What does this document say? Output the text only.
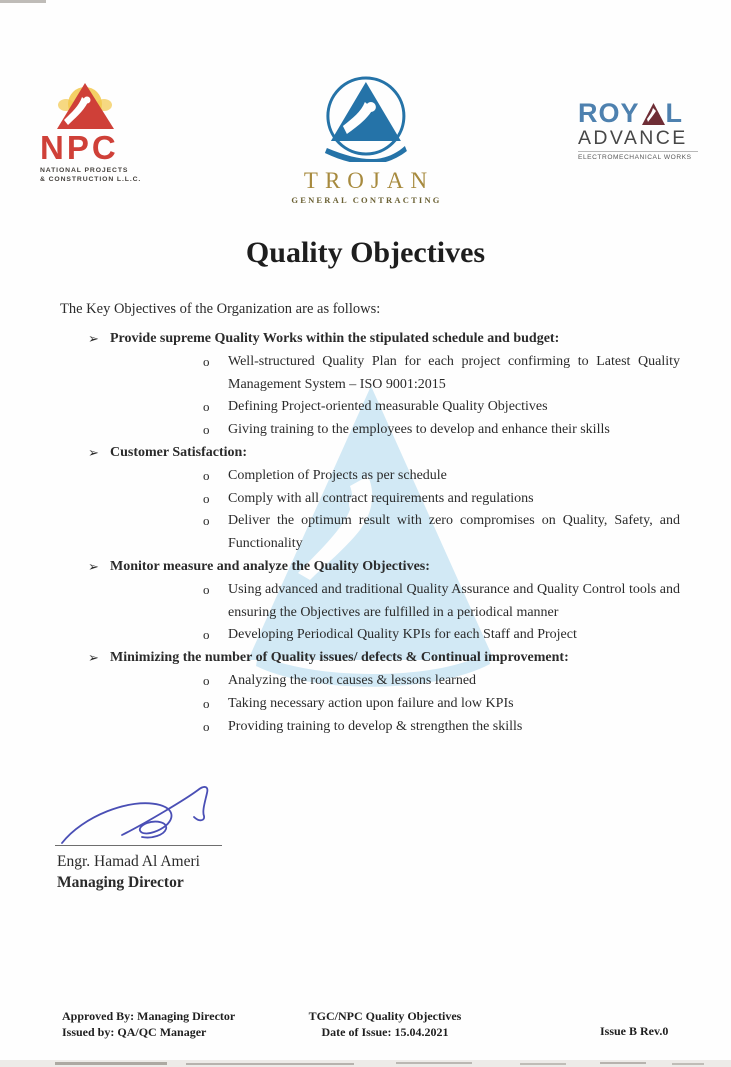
NPC
NATIONAL PROJECTS
& CONSTRUCTION L.L.C.	TROJAN
GENERAL CONTRACTING
ROY L
ADVANCE
ELECTROMECHANICAL WORKS
Quality Objectives

The Key Objectives of the Organization are as follows:

➢ Provide supreme Quality Works within the stipulated schedule and budget:
o	Well-structured Quality Plan for each project confirming to Latest Quality Management System – ISO 9001:2015
o	Defining Project-oriented measurable Quality Objectives
o	Giving training to the employees to develop and enhance their skills
➢ Customer Satisfaction:
o	Completion of Projects as per schedule
o	Comply with all contract requirements and regulations
o	Deliver the optimum result with zero compromises on Quality, Safety, and Functionality
➢ Monitor measure and analyze the Quality Objectives:
o	Using advanced and traditional Quality Assurance and Quality Control tools and ensuring the Objectives are fulfilled in a periodical manner
o	Developing Periodical Quality KPIs for each Staff and Project
➢ Minimizing the number of Quality issues/ defects & Continual improvement:
o	Analyzing the root causes & lessons learned
o	Taking necessary action upon failure and low KPIs
o	Providing training to develop & strengthen the skills
Engr. Hamad Al Ameri
Managing Director
Approved By: Managing Director
Issued by: QA/QC Manager
TGC/NPC Quality Objectives
Date of Issue: 15.04.2021	Issue B Rev.0
